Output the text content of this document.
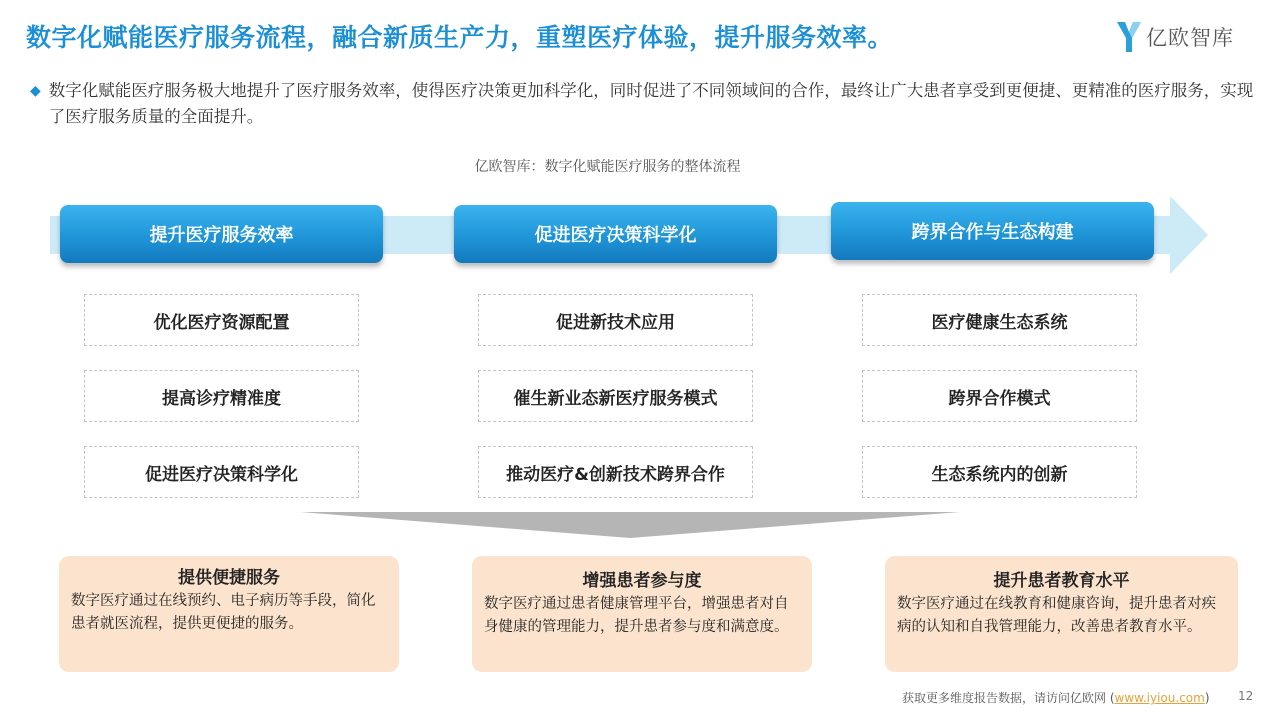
数字化赋能医疗服务流程，融合新质生产力，重塑医疗体验，提升服务效率。	亿欧智库
◆ 数字化赋能医疗服务极大地提升了医疗服务效率，使得医疗决策更加科学化，同时促进了不同领域间的合作，最终让广大患者享受到更便捷、更精准的医疗服务，实现了医疗服务质量的全面提升。
亿欧智库：数字化赋能医疗服务的整体流程
提升医疗服务效率	促进医疗决策科学化	跨界合作与生态构建
优化医疗资源配置
提高诊疗精准度
促进医疗决策科学化
促进新技术应用
催生新业态新医疗服务模式
推动医疗&创新技术跨界合作
医疗健康生态系统
跨界合作模式
生态系统内的创新
提供便捷服务
数字医疗通过在线预约、电子病历等手段，简化患者就医流程，提供更便捷的服务。
增强患者参与度
数字医疗通过患者健康管理平台，增强患者对自身健康的管理能力，提升患者参与度和满意度。
提升患者教育水平
数字医疗通过在线教育和健康咨询，提升患者对疾病的认知和自我管理能力，改善患者教育水平。
获取更多维度报告数据，请访问亿欧网 (www.iyiou.com) 12
